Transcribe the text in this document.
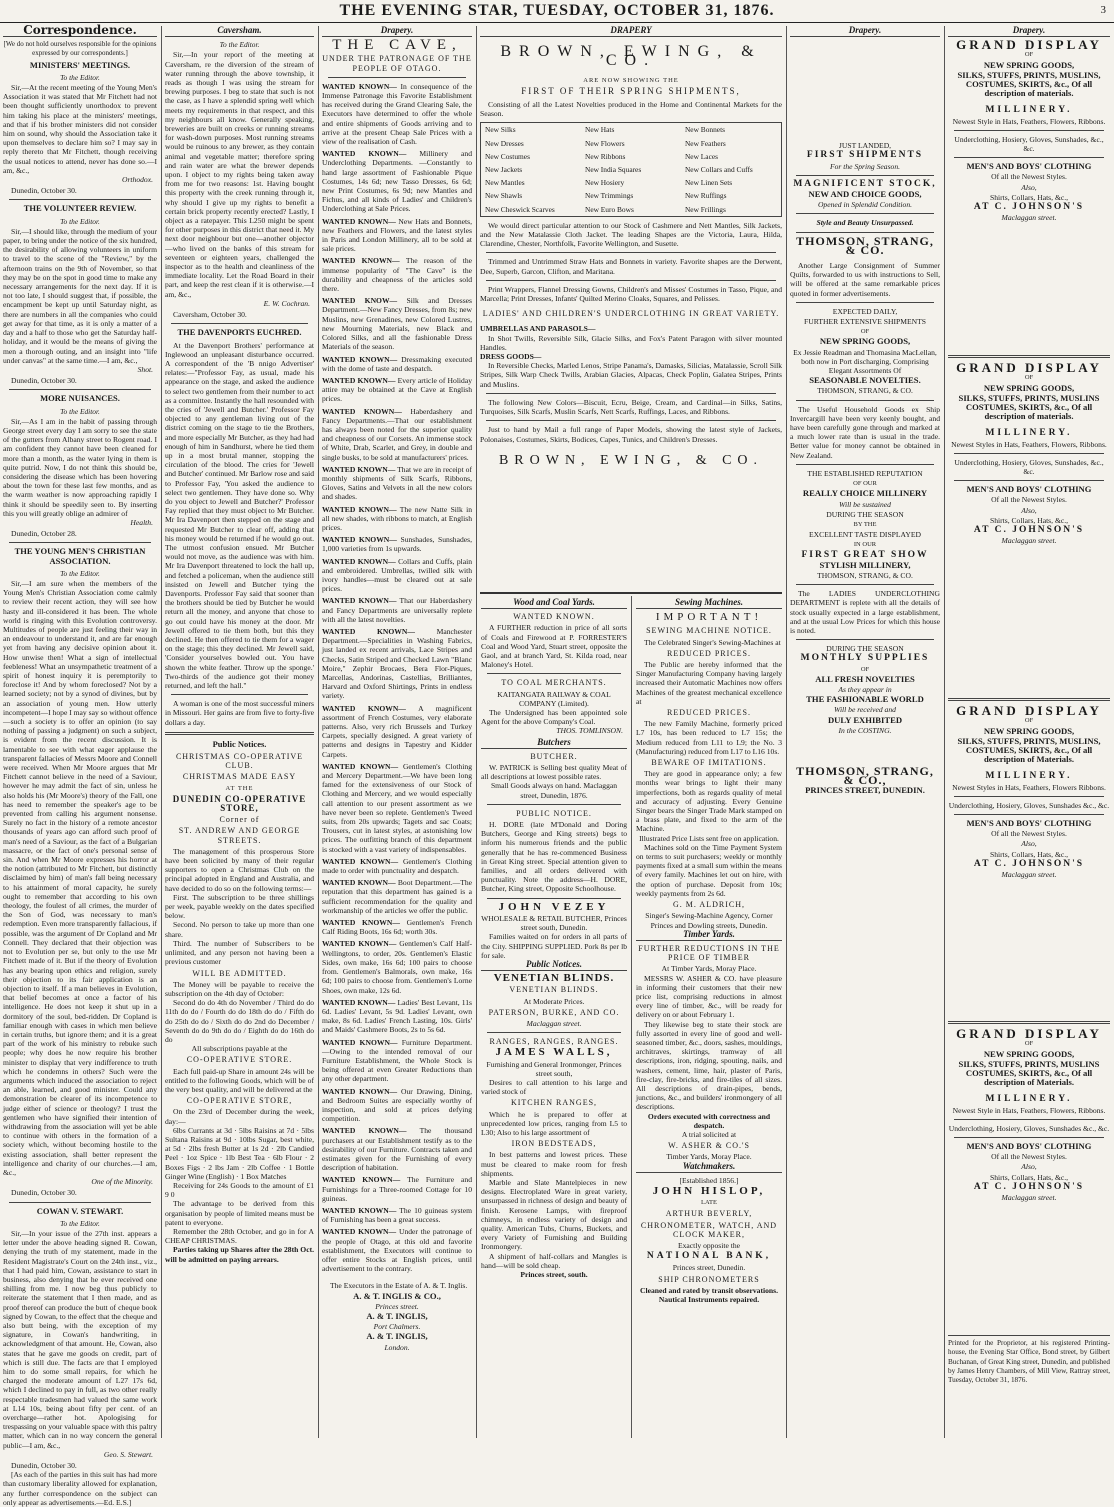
THE EVENING STAR, TUESDAY, OCTOBER 31, 1876.	3
Correspondence.

[We do not hold ourselves responsible for the opinions expressed by our correspondents.]

MINISTERS' MEETINGS.
To the Editor.

Sir,—At the recent meeting of the Young Men's Association it was stated that Mr Fitchett had not been thought sufficiently unorthodox to prevent him taking his place at the ministers' meetings, and that if his brother ministers did not consider him on sound, why should the Association take it upon themselves to declare him so? I may say in reply thereto that Mr Fitchett, though receiving the usual notices to attend, never has done so.—I am, &c.,

Orthodox.

Dunedin, October 30.

THE VOLUNTEER REVIEW.
To the Editor.

Sir,—I should like, through the medium of your paper, to bring under the notice of the six hundred, the desirability of allowing volunteers in uniform to travel to the scene of the "Review," by the afternoon trains on the 9th of November, so that they may be on the spot in good time to make any necessary arrangements for the next day. If it is not too late, I should suggest that, if possible, the encampment be kept up until Saturday night, as there are numbers in all the companies who could get away for that time, as it is only a matter of a day and a half to those who get the Saturday half-holiday, and it would be the means of giving the men a thorough outing, and an insight into "life under canvas" at the same time.—I am, &c.,

Shot.

Dunedin, October 30.

MORE NUISANCES.
To the Editor.

Sir,—As I am in the habit of passing through George street every day I am sorry to see the state of the gutters from Albany street to Rogent road. I am confident they cannot have been cleaned for more than a month, as the water lying in them is quite putrid. Now, I do not think this should be, considering the disease which has been hovering about the town for these last few months, and as the warm weather is now approaching rapidly I think it should be speedily seen to. By inserting this you will greatly oblige an admirer of

Health.

Dunedin, October 28.

THE YOUNG MEN'S CHRISTIAN ASSOCIATION.
To the Editor.

Sir,—I am sure when the members of the Young Men's Christian Association come calmly to review their recent action, they will see how hasty and ill-considered it has been. The whole world is ringing with this Evolution controversy. Multitudes of people are just feeling their way in an endeavour to understand it, and are far enough yet from having any decisive opinion about it. How unwise then! What a sign of intellectual feebleness! What an unsympathetic treatment of a spirit of honest inquiry it is peremptorily to foreclose it! And by whom foreclosed? Not by a learned society; not by a synod of divines, but by an association of young men. How utterly incompetent—I hope I may say so without offence—such a society is to offer an opinion (to say nothing of passing a judgment) on such a subject, is evident from the recent discussion. It is lamentable to see with what eager applause the transparent fallacies of Messrs Moore and Connell were received. When Mr Moore argues that Mr Fitchett cannot believe in the need of a Saviour, however he may admit the fact of sin, unless he also holds his (Mr Moore's) theory of the Fall, one has need to remember the speaker's age to be prevented from calling his argument nonsense. Surely no fact in the history of a remote ancestor thousands of years ago can afford such proof of man's need of a Saviour, as the fact of a Bulgarian massacre, or the fact of one's personal sense of sin. And when Mr Moore expresses his horror at the notion (attributed to Mr Fitchett, but distinctly disclaimed by him) of man's fall being necessary to his attainment of moral capacity, he surely ought to remember that according to his own theology, the foulest of all crimes, the murder of the Son of God, was necessary to man's redemption. Even more transparently fallacious, if possible, was the argument of Dr Copland and Mr Connell. They declared that their objection was not to Evolution per se, but only to the use Mr Fitchett made of it. But if the theory of Evolution has any bearing upon ethics and religion, surely their objection to its fair application is an objection to itself. If a man believes in Evolution, that belief becomes at once a factor of his intelligence. He does not keep it shut up in a dormitory of the soul, bed-ridden. Dr Copland is familiar enough with cases in which men believe in certain truths, but ignore them; and it is a great part of the work of his ministry to rebuke such people; why does he now require his brother minister to display that very indifference to truth which he condemns in others? Such were the arguments which induced the association to reject an able, learned, and good minister. Could any demonstration be clearer of its incompetence to judge either of science or theology? I trust the gentlemen who have signified their intention of withdrawing from the association will yet be able to continue with others in the formation of a society which, without becoming hostile to the existing association, shall better represent the intelligence and charity of our churches.—I am, &c.,

One of the Minority.

Dunedin, October 30.

COWAN V. STEWART.
To the Editor.

Sir,—In your issue of the 27th inst. appears a letter under the above heading signed R. Cowan, denying the truth of my statement, made in the Resident Magistrate's Court on the 24th inst., viz., that I had paid him, Cowan, assistance to start in business, also denying that he ever received one shilling from me. I now beg thus publicly to reiterate the statement that I then made, and as proof thereof can produce the butt of cheque book signed by Cowan, to the effect that the cheque and also butt being, with the exception of my signature, in Cowan's handwriting, in acknowledgment of that amount. He, Cowan, also states that he gave me goods on credit, part of which is still due. The facts are that I employed him to do some small repairs, for which he charged the moderate amount of L27 17s 6d, which I declined to pay in full, as two other really respectable tradesmen had valued the same work at L14 10s, being about fifty per cent. of an overcharge—rather hot. Apologising for trespassing on your valuable space with this paltry matter, which can in no way concern the general public—I am, &c.,

Geo. S. Stewart.

Dunedin, October 30.

[As each of the parties in this suit has had more than customary liberality allowed for explanation, any further correspondence on the subject can only appear as advertisements.—Ed. E.S.]

Caversham.
To the Editor.

Sir,—In your report of the meeting at Caversham, re the diversion of the stream of water running through the above township, it reads as though I was using the stream for brewing purposes. I beg to state that such is not the case, as I have a splendid spring well which meets my requirements in that respect, and this my neighbours all know. Generally speaking, breweries are built on creeks or running streams for wash-down purposes. Most running streams would be ruinous to any brewer, as they contain animal and vegetable matter; therefore spring and rain water are what the brewer depends upon. I object to my rights being taken away from me for two reasons: 1st. Having bought this property with the creek running through it, why should I give up my rights to benefit a certain brick property recently erected? Lastly, I object as a ratepayer. This L250 might be spent for other purposes in this district that need it. My next door neighbour but one—another objector—who lived on the banks of this stream for seventeen or eighteen years, challenged the inspector as to the health and cleanliness of the immediate locality. Let the Road Board in their part, and keep the rest clean if it is otherwise.—I am, &c.,

E. W. Cochran.

Caversham, October 30.

THE DAVENPORTS EUCHRED.

At the Davenport Brothers' performance at Inglewood an unpleasant disturbance occurred. A correspondent of the 'B nnigo Advertiser' relates:—"Professor Fay, as usual, made his appearance on the stage, and asked the audience to select two gentlemen from their number to act as a committee. Instantly the hall resounded with the cries of 'Jewell and Butcher.' Professor Fay objected to any gentleman living out of the district coming on the stage to tie the Brothers, and more especially Mr Butcher, as they had had enough of him in Sandhurst, where he tied them up in a most brutal manner, stopping the circulation of the blood. The cries for 'Jewell and Butcher' continued. Mr Barlow rose and said to Professor Fay, 'You asked the audience to select two gentlemen. They have done so. Why do you object to Jewell and Butcher?' Professor Fay replied that they must object to Mr Butcher. Mr Ira Davenport then stepped on the stage and requested Mr Butcher to clear off, adding that his money would be returned if he would go out. The utmost confusion ensued. Mr Butcher would not move, as the audience was with him. Mr Ira Davenport threatened to lock the hall up, and fetched a policeman, when the audience still insisted on Jewell and Butcher tying the Davenports. Professor Fay said that sooner than the brothers should be tied by Butcher he would return all the money, and anyone that chose to go out could have his money at the door. Mr Jewell offered to tie them both, but this they declined. He then offered to tie them for a wager on the stage; this they declined. Mr Jewell said, 'Consider yourselves bowled out. You have shown the white feather. Throw up the sponge.' Two-thirds of the audience got their money returned, and left the hall."

A woman is one of the most successful miners in Missouri. Her gains are from five to forty-five dollars a day.

Public Notices.
CHRISTMAS CO-OPERATIVE CLUB.
CHRISTMAS MADE EASY
AT THE
DUNEDIN CO-OPERATIVE STORE,
Corner of
ST. ANDREW AND GEORGE STREETS.

The management of this prosperous Store have been solicited by many of their regular supporters to open a Christmas Club on the principal adopted in England and Australia, and have decided to do so on the following terms:—

First. The subscription to be three shillings per week, payable weekly on the dates specified below.

Second. No person to take up more than one share.

Third. The number of Subscribers to be unlimited, and any person not having been a previous customer

WILL BE ADMITTED.

The Money will be payable to receive the subscription on the 4th day of October:

Second do do 4th do November / Third do do 11th do do / Fourth do do 18th do do / Fifth do do 25th do do / Sixth do do 2nd do December / Seventh do do 9th do do / Eighth do do 16th do do

All subscriptions payable at the

CO-OPERATIVE STORE.

Each full paid-up Share in amount 24s will be entitled to the following Goods, which will be of the very best quality, and will be delivered at the

CO-OPERATIVE STORE,

On the 23rd of December during the week, day:—

6lbs Currants at 3d · 5lbs Raisins at 7d · 5lbs Sultana Raisins at 9d · 10lbs Sugar, best white, at 5d · 2lbs fresh Butter at 1s 2d · 2lb Candied Peel · 1oz Spice · 1lb Best Tea · 6lb Flour · 2 Boxes Figs · 2 lbs Jam · 2lb Coffee · 1 Bottle Ginger Wine (English) · 1 Box Matches

Receiving for 24s Goods to the amount of £1 9 0

The advantage to be derived from this organisation by people of limited means must be patent to everyone.

Remember the 28th October, and go in for A CHEAP CHRISTMAS.

Parties taking up Shares after the 28th Oct. will be admitted on paying arrears.

Drapery.
THE CAVE,
UNDER THE PATRONAGE OF THE PEOPLE OF OTAGO.
WANTED KNOWN— In consequence of the Immense Patronage this Favorite Establishment has received during the Grand Clearing Sale, the Executors have determined to offer the whole and entire shipments of Goods arriving and to arrive at the present Cheap Sale Prices with a view of the realisation of Cash.
WANTED KNOWN— Millinery and Underclothing Departments. —Constantly to hand large assortment of Fashionable Pique Costumes, 14s 6d; new Tasso Dresses, 6s 6d; new Print Costumes, 6s 9d; new Mantles and Fichus, and all kinds of Ladies' and Children's Underclothing at Sale Prices.
WANTED KNOWN— New Hats and Bonnets, new Feathers and Flowers, and the latest styles in Paris and London Millinery, all to be sold at sale prices.
WANTED KNOWN— The reason of the immense popularity of "The Cave" is the durability and cheapness of the articles sold there.
WANTED KNOW— Silk and Dresses Department.—New Fancy Dresses, from 8s; new Muslins, new Grenadines, new Colored Lustres, new Mourning Materials, new Black and Colored Silks, and all the fashionable Dress Materials of the season.
WANTED KNOWN— Dressmaking executed with the dome of taste and despatch.
WANTED KNOWN— Every article of Holiday attire may be obtained at the Cave at English prices.
WANTED KNOWN— Haberdashery and Fancy Departments.—That our establishment has always been noted for the superior quality and cheapness of our Corsets. An immense stock of White, Drab, Scarlet, and Grey, in double and single busks, to be sold at manufacturers' prices.
WANTED KNOWN— That we are in receipt of monthly shipments of Silk Scarfs, Ribbons, Gloves, Satins and Velvets in all the new colors and shades.
WANTED KNOWN— The new Natte Silk in all new shades, with ribbons to match, at English prices.
WANTED KNOWN— Sunshades, Sunshades, 1,000 varieties from 1s upwards.
WANTED KNOWN— Collars and Cuffs, plain and embroidered. Umbrellas, twilled silk with ivory handles—must be cleared out at sale prices.
WANTED KNOWN— That our Haberdashery and Fancy Departments are universally replete with all the latest novelties.
WANTED KNOWN—	Manchester Department.—Specialities in Washing Fabrics, just landed ex recent arrivals, Lace Stripes and Checks, Satin Striped and Checked Lawn "Blanc Moire," Zephir Brocaes, Bera Flor-Piques, Marcellas, Andorinas, Castellias, Brilliantes, Harvard and Oxford Shirtings, Prints in endless variety.
WANTED KNOWN— A magnificent assortment of French Costumes, very elaborate patterns. Also, very rich Brussels and Turkey Carpets, specially designed. A great variety of patterns and designs in Tapestry and Kidder Carpets.
WANTED KNOWN— Gentlemen's Clothing and Mercery Department.—We have been long famed for the extensiveness of our Stock of Clothing and Mercery, and we would especially call attention to our present assortment as we have never been so replete. Gentlemen's Tweed suits, from 20s upwards; Tagets and sac Coats; Trousers, cut in latest styles, at astonishing low prices. The outfitting branch of this department is stocked with a vast variety of indispensables.
WANTED KNOWN— Gentlemen's Clothing made to order with punctuality and despatch.
WANTED KNOWN— Boot Department.—The reputation that this department has gained is a sufficient recommendation for the quality and workmanship of the articles we offer the public.
WANTED KNOWN— Gentlemen's French Calf Riding Boots, 16s 6d; worth 30s.
WANTED KNOWN— Gentlemen's Calf Half-Wellingtons, to order, 20s. Gentlemen's Elastic Sides, own make, 16s 6d; 100 pairs to choose from. Gentlemen's Balmorals, own make, 16s 6d; 100 pairs to choose from. Gentlemen's Lorne Shoes, own make, 12s 6d.
WANTED KNOWN— Ladies' Best Levant, 11s 6d. Ladies' Levant, 5s 9d. Ladies' Levant, own make, 8s 6d. Ladies' French Lasting, 10s. Girls' and Maids' Cashmere Boots, 2s to 5s 6d.
WANTED KNOWN— Furniture Department.—Owing to the intended removal of our Furniture Establishment, the Whole Stock is being offered at even Greater Reductions than any other department.
WANTED KNOWN— Our Drawing, Dining, and Bedroom Suites are especially worthy of inspection, and sold at prices defying competition.
WANTED KNOWN— The thousand purchasers at our Establishment testify as to the desirability of our Furniture. Contracts taken and estimates given for the Furnishing of every description of habitation.
WANTED KNOWN— The Furniture and Furnishings for a Three-roomed Cottage for 10 guineas.
WANTED KNOWN— The 10 guineas system of Furnishing has been a great success.
WANTED KNOWN— Under the patronage of the people of Otago, at this old and favorite establishment, the Executors will continue to offer entire Stocks at English prices, until advertisement to the contrary.

The Executors in the Estate of A. & T. Inglis.

A. & T. INGLIS & CO.,
Princes street.
A. & T. INGLIS,
Port Chalmers.
A. & T. INGLIS,
London.
DRAPERY
BROWN, EWING, & CO.
ARE NOW SHOWING THE
FIRST OF THEIR SPRING SHIPMENTS,

Consisting of all the Latest Novelties produced in the Home and Continental Markets for the Season.

New Silks	New Hats	New Bonnets
New Dresses	New Flowers	New Feathers
New Costumes	New Ribbons	New Laces
New Jackets	New India Squares	New Collars and Cuffs
New Mantles	New Hosiery	New Linen Sets
New Shawls	New Trimmings	New Ruffings
New Cheswick Scarves	New Euro Bows	New Frillings

We would direct particular attention to our Stock of Cashmere and Nett Mantles, Silk Jackets, and the New Matalassie Cloth Jacket. The leading Shapes are the Victoria, Laura, Hilda, Clarendine, Chester, Northfolk, Favorite Wellington, and Susette.

Trimmed and Untrimmed Straw Hats and Bonnets in variety. Favorite shapes are the Derwent, Dee, Superb, Garcon, Clifton, and Maritana.

Print Wrappers, Flannel Dressing Gowns, Children's and Misses' Costumes in Tasso, Pique, and Marcella; Print Dresses, Infants' Quilted Merino Cloaks, Squares, and Pelisses.

LADIES' AND CHILDREN'S UNDERCLOTHING IN GREAT VARIETY.
UMBRELLAS AND PARASOLS—

In Shot Twills, Reversible Silk, Glacie Silks, and Fox's Patent Paragon with silver mounted Handles.

DRESS GOODS—

In Reversible Checks, Marled Lenos, Stripe Panama's, Damasks, Silicias, Matalassie, Scroll Silk Stripes, Silk Warp Check Twills, Arabian Glacies, Alpacas, Check Poplin, Galatea Stripes, Prints and Muslins.

The following New Colors—Biscuit, Ecru, Beige, Cream, and Cardinal—in Silks, Satins, Turquoises, Silk Scarfs, Muslin Scarfs, Nett Scarfs, Ruffings, Laces, and Ribbons.

Just to hand by Mail a full range of Paper Models, showing the latest style of Jackets, Polonaises, Costumes, Skirts, Bodices, Capes, Tunics, and Children's Dresses.

BROWN, EWING, & CO.
Wood and Coal Yards.
WANTED KNOWN.

A FURTHER reduction in price of all sorts of Coals and Firewood at P. FORRESTER'S Coal and Wood Yard, Stuart street, opposite the Gaol, and at branch Yard, St. Kilda road, near Maloney's Hotel.

TO COAL MERCHANTS.
KAITANGATA RAILWAY & COAL COMPANY (Limited).

The Undersigned has been appointed sole Agent for the above Company's Coal.

THOS. TOMLINSON.
Butchers
BUTCHER.

W. PATRICK is Selling best quality Meat of all descriptions at lowest possible rates.

Small Goods always on hand. Maclaggan street, Dunedin, 1876.

PUBLIC NOTICE.

H. DORE (late M'Donald and Doring Butchers, George and King streets) begs to inform his numerous friends and the public generally that he has re-commenced Business in Great King street. Special attention given to families, and all orders delivered with punctuality. Note the address—H. DORE, Butcher, King street, Opposite Schoolhouse.

JOHN VEZEY

WHOLESALE & RETAIL BUTCHER, Princes street south, Dunedin.

Families waited on for orders in all parts of the City. SHIPPING SUPPLIED. Pork 8s per lb for sale.

Public Notices.
VENETIAN BLINDS.
VENETIAN BLINDS.
At Moderate Prices.
PATERSON, BURKE, AND CO.
Maclaggan street.
RANGES, RANGES, RANGES.
JAMES WALLS,

Furnishing and General Ironmonger, Princes street south,

Desires to call attention to his large and varied stock of

KITCHEN RANGES,

Which he is prepared to offer at unprecedented low prices, ranging from L5 to L30; Also to his large assortment of

IRON BEDSTEADS,

In best patterns and lowest prices. These must be cleared to make room for fresh shipments.

Marble and Slate Mantelpieces in new designs. Electroplated Ware in great variety, unsurpassed in richness of design and beauty of finish. Kerosene Lamps, with fireproof chimneys, in endless variety of design and quality. American Tubs, Churns, Buckets, and every Variety of Furnishing and Building Ironmongery.

A shipment of half-collars and Mangles is hand—will be sold cheap.

Princes street, south.
Sewing Machines.
IMPORTANT!
SEWING MACHINE NOTICE.

The Celebrated Singer's Sewing-Machines at

REDUCED PRICES.

The Public are hereby informed that the Singer Manufacturing Company having largely increased their Automatic Machines now offers Machines of the greatest mechanical excellence at

REDUCED PRICES.

The new Family Machine, formerly priced L7 10s, has been reduced to L7 15s; the Medium reduced from L11 to L9; the No. 3 (Manufacturing) reduced from L17 to L16 10s.

BEWARE OF IMITATIONS.

They are good in appearance only; a few months wear brings to light their many imperfections, both as regards quality of metal and accuracy of adjusting. Every Genuine Singer bears the Singer Trade Mark stamped on a brass plate, and fixed to the arm of the Machine.

Illustrated Price Lists sent free on application.

Machines sold on the Time Payment System on terms to suit purchasers; weekly or monthly payments fixed at a small sum within the means of every family. Machines let out on hire, with the option of purchase. Deposit from 10s; weekly payments from 2s 6d.

G. M. ALDRICH,

Singer's Sewing-Machine Agency, Corner Princes and Dowling streets, Dunedin.

Timber Yards.
FURTHER REDUCTIONS IN THE PRICE OF TIMBER
At Timber Yards, Moray Place.

MESSRS W. ASHER & CO. have pleasure in informing their customers that their new price list, comprising reductions in almost every line of timber, &c., will be ready for delivery on or about February 1.

They likewise beg to state their stock are fully assorted in every line of good and well-seasoned timber, &c., doors, sashes, mouldings, architraves, skirtings, tramway of all descriptions, iron, ridging, spouting, nails, and washers, cement, lime, hair, plaster of Paris, fire-clay, fire-bricks, and fire-tiles of all sizes. All descriptions of drain-pipes, bends, junctions, &c., and builders' ironmongery of all descriptions.

Orders executed with correctness and despatch.

A trial solicited at

W. ASHER & CO.'S
Timber Yards, Moray Place.
Watchmakers.
[Established 1856.]
JOHN HISLOP,
LATE
ARTHUR BEVERLY,
CHRONOMETER, WATCH, AND CLOCK MAKER,
Exactly opposite the
NATIONAL BANK,
Princes street, Dunedin.
SHIP CHRONOMETERS

Cleaned and rated by transit observations. Nautical Instruments repaired.

Drapery.
JUST LANDED,
FIRST SHIPMENTS
For the Spring Season.
MAGNIFICENT STOCK,
NEW AND CHOICE GOODS,
Opened in Splendid Condition.
Style and Beauty Unsurpassed.
THOMSON, STRANG, & CO.

Another Large Consignment of Summer Quilts, forwarded to us with instructions to Sell, will be offered at the same remarkable prices quoted in former advertisements.

EXPECTED DAILY,
FURTHER EXTENSIVE SHIPMENTS
OF
NEW SPRING GOODS,
Ex Jessie Readman and Thomasina MacLellan, both now in Port discharging, Comprising Elegant Assortments Of
SEASONABLE NOVELTIES.
THOMSON, STRANG, & CO.

The Useful Household Goods ex Ship Invercargill have been very keenly bought, and have been carefully gone through and marked at a much lower rate than is usual in the trade. Better value for money cannot be obtained in New Zealand.

THE ESTABLISHED REPUTATION
OF OUR
REALLY CHOICE MILLINERY
Will be sustained
DURING THE SEASON
BY THE
EXCELLENT TASTE DISPLAYED
IN OUR
FIRST GREAT SHOW
STYLISH MILLINERY,
THOMSON, STRANG, & CO.

The LADIES UNDERCLOTHING DEPARTMENT is replete with all the details of stock usually expected in a large establishment, and at the usual Low Prices for which this house is noted.

DURING THE SEASON
MONTHLY SUPPLIES
OF
ALL FRESH NOVELTIES
As they appear in
THE FASHIONABLE WORLD
Will be received and
DULY EXHIBITED
In the COSTING.
THOMSON, STRANG, & CO.,
PRINCES STREET, DUNEDIN.
Drapery.
GRAND DISPLAY
OF
NEW SPRING GOODS,
SILKS, STUFFS, PRINTS, MUSLINS, COSTUMES, SKIRTS, &c., Of all description of materials.
MILLINERY.
Newest Style in Hats, Feathers, Flowers, Ribbons.
Underclothing, Hosiery, Gloves, Sunshades, &c., &c.
MEN'S AND BOYS' CLOTHING
Of all the Newest Styles.
Also,
Shirts, Collars, Hats, &c.,
AT C. JOHNSON'S
Maclaggan street.
GRAND DISPLAY
OF
NEW SPRING GOODS,
SILKS, STUFFS, PRINTS, MUSLINS COSTUMES, SKIRTS, &c., Of all description of materials.
MILLINERY.
Newest Styles in Hats, Feathers, Flowers, Ribbons.
Underclothing, Hosiery, Gloves, Sunshades, &c., &c.
MEN'S AND BOYS' CLOTHING
Of all the Newest Styles.
Also,
Shirts, Collars, Hats, &c.,
AT C. JOHNSON'S
Maclaggan street.
GRAND DISPLAY
OF
NEW SPRING GOODS,
SILKS, STUFFS, PRINTS, MUSLINS, COSTUMES, SKIRTS, &c., Of all description of Materials.
MILLINERY.
Newest Styles in Hats, Feathers, Flowers Ribbons.
Underclothing, Hosiery, Gloves, Sunshades &c., &c.
MEN'S AND BOYS' CLOTHING
Of all the Newest Styles.
Also,
Shirts, Collars, Hats, &c.,
AT C. JOHNSON'S
Maclaggan street.
GRAND DISPLAY
OF
NEW SPRING GOODS,
SILKS, STUFFS, PRINTS, MUSLINS COSTUMES, SKIRTS, &c., Of all description of Materials.
MILLINERY.
Newest Style in Hats, Feathers, Flowers, Ribbons.
Underclothing, Hosiery, Gloves, Sunshades &c., &c.
MEN'S AND BOYS' CLOTHING
Of all the Newest Styles.
Also,
Shirts, Collars, Hats, &c.,
AT C. JOHNSON'S
Maclaggan street.
Printed for the Proprietor, at his registered Printing-house, the Evening Star Office, Bond street, by Gilbert Buchanan, of Great King street, Dunedin, and published by James Henry Chambers, of Mill View, Rattray street, Tuesday, October 31, 1876.
